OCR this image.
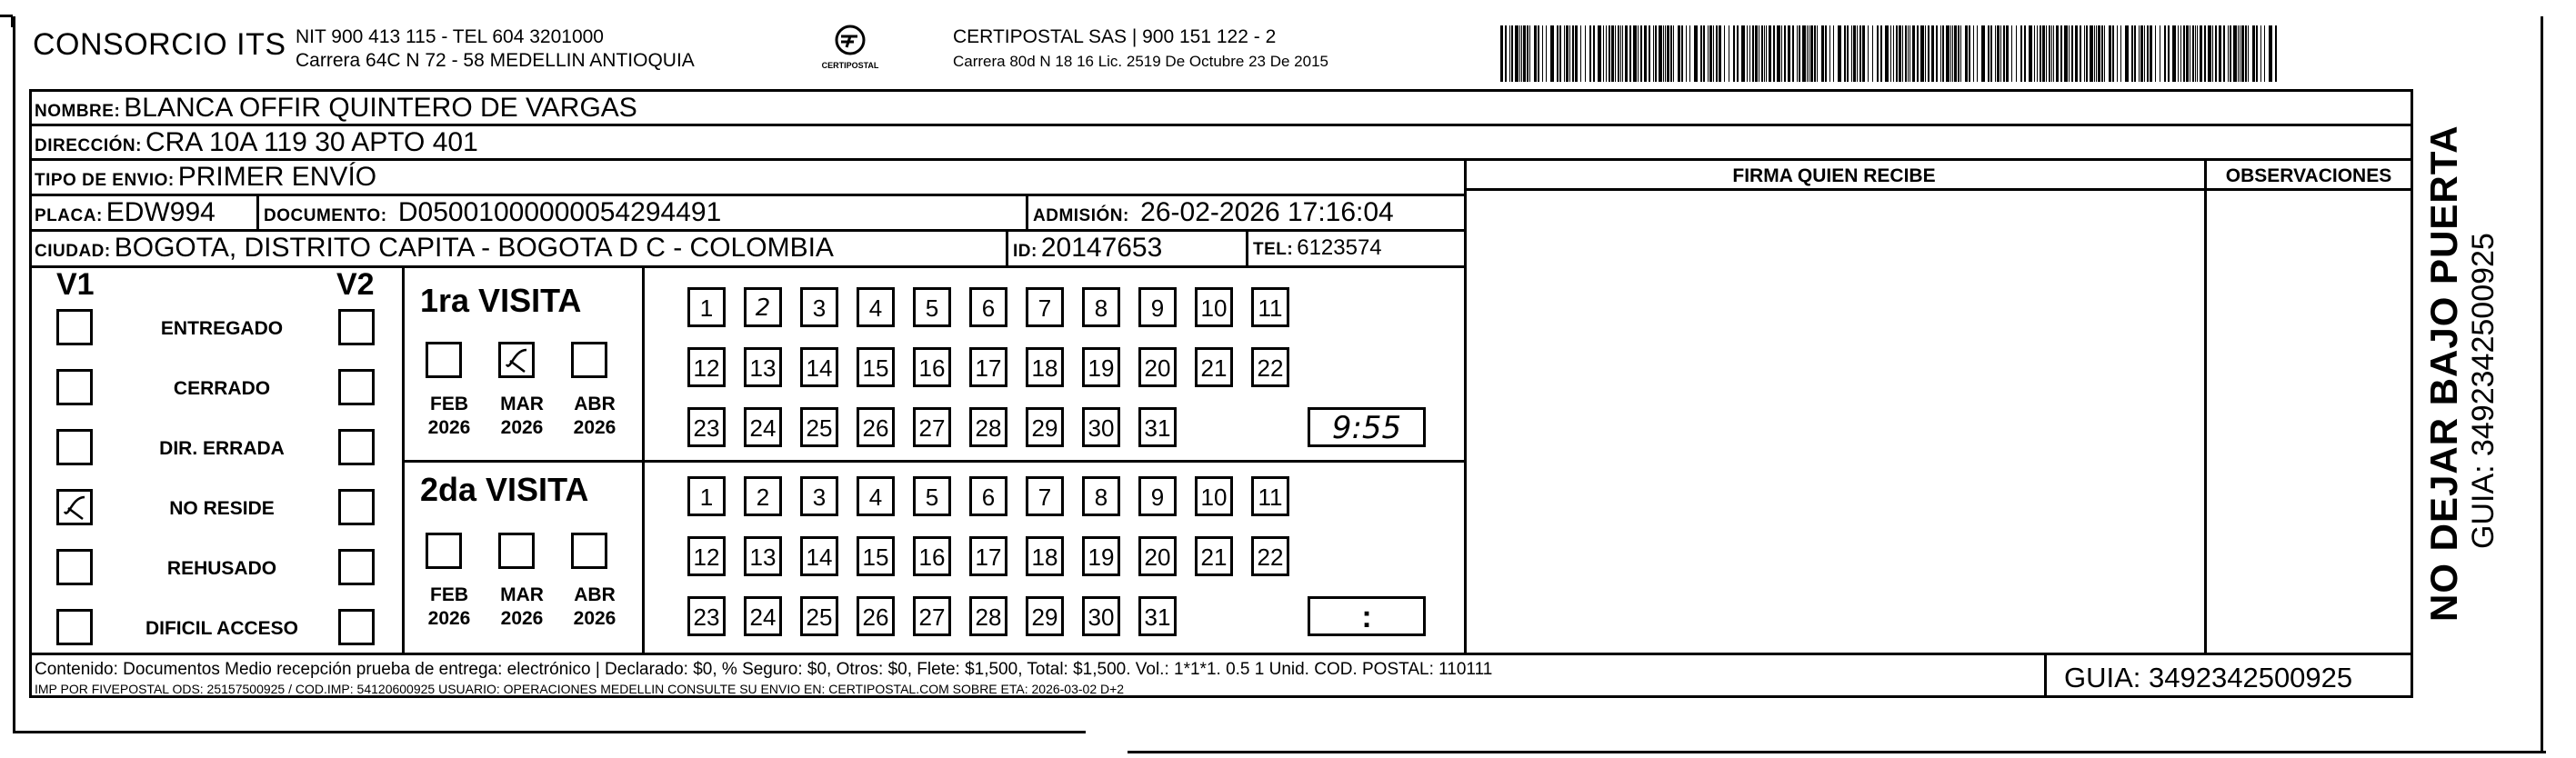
CONSORCIO ITS NIT 900 413 115 - TEL 604 3201000
Carrera 64C N 72 - 58 MEDELLIN ANTIOQUIA	CERTIPOSTAL
CERTIPOSTAL SAS | 900 151 122 - 2
Carrera 80d N 18 16 Lic. 2519 De Octubre 23 De 2015
NOMBRE: BLANCA OFFIR QUINTERO DE VARGAS
DIRECCIÓN: CRA 10A 119 30 APTO 401
TIPO DE ENVIO: PRIMER ENVÍO
PLACA: EDW994	DOCUMENTO: D05001000000054294491	ADMISIÓN: 26-02-2026 17:16:04
CIUDAD: BOGOTA, DISTRITO CAPITA - BOGOTA D C - COLOMBIA	ID: 20147653	TEL: 6123574
FIRMA QUIEN RECIBE	OBSERVACIONES
V1	V2 1ra VISITA
9:55
2da VISITA
:
Contenido: Documentos Medio recepción prueba de entrega: electrónico | Declarado: $0, % Seguro: $0, Otros: $0, Flete: $1,500, Total: $1,500. Vol.: 1*1*1. 0.5 1 Unid. COD. POSTAL: 110111
IMP POR FIVEPOSTAL ODS: 25157500925 / COD.IMP: 54120600925 USUARIO: OPERACIONES MEDELLIN CONSULTE SU ENVIO EN: CERTIPOSTAL.COM SOBRE ETA: 2026-03-02 D+2	GUIA: 3492342500925
NO DEJAR BAJO PUERTA GUIA: 3492342500925
ENTREGADO
CERRADO
DIR. ERRADA
NO RESIDE
REHUSADO
DIFICIL ACCESO
FEB
2026
MAR
2026
ABR
2026
FEB
2026
MAR
2026
ABR
2026
1	2	3	4	5	6	7	8	9	10 11
12 13 14 15 16 17 18 19 20 21 22
23 24 25 26 27 28 29 30 31
1	2	3	4	5	6	7	8	9	10 11
12 13 14 15 16 17 18 19 20 21 22
23 24 25 26 27 28 29 30 31
